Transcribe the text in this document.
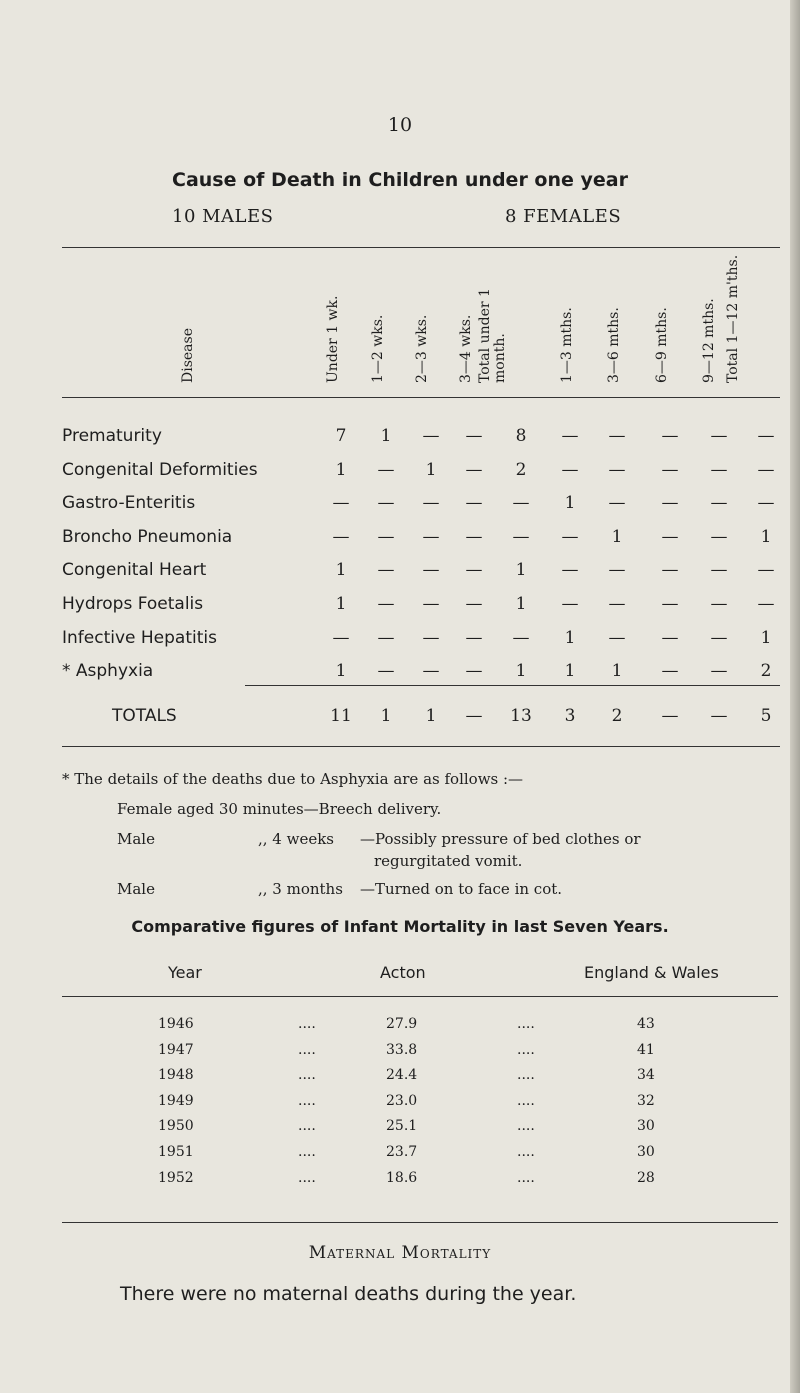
10
Cause of Death in Children under one year
10 MALES	8 FEMALES
Disease	Under 1 wk. 1—2 wks. 2—3 wks. 3—4 wks. Total under 1 month.	1—3 mths. 3—6 mths. 6—9 mths. 9—12 mths. Total 1—12 m'ths.
Prematurity	7	1	—	—	8	—	—	—	—	—
Congenital Deformities	1	—	1	—	2	—	—	—	—	—
Gastro-Enteritis	—	—	—	—	—	1	—	—	—	—
Broncho Pneumonia	—	—	—	—	—	—	1	—	—	1
Congenital Heart	1	—	—	—	1	—	—	—	—	—
Hydrops Foetalis	1	—	—	—	1	—	—	—	—	—
Infective Hepatitis	—	—	—	—	—	1	—	—	—	1
* Asphyxia	1	—	—	—	1	1	1	—	—	2
TOTALS	11	1	1	—	13	3	2	—	—	5
* The details of the deaths due to Asphyxia are as follows :—
Female aged 30 minutes—Breech delivery.
Male	,, 4 weeks —Possibly pressure of bed clothes or
regurgitated vomit.
Male	,, 3 months —Turned on to face in cot.
Comparative figures of Infant Mortality in last Seven Years.
Year	Acton	England & Wales
1946	....	27.9	....	43
1947	....	33.8	....	41
1948	....	24.4	....	34
1949	....	23.0	....	32
1950	....	25.1	....	30
1951	....	23.7	....	30
1952	....	18.6	....	28
Maternal Mortality
There were no maternal deaths during the year.
